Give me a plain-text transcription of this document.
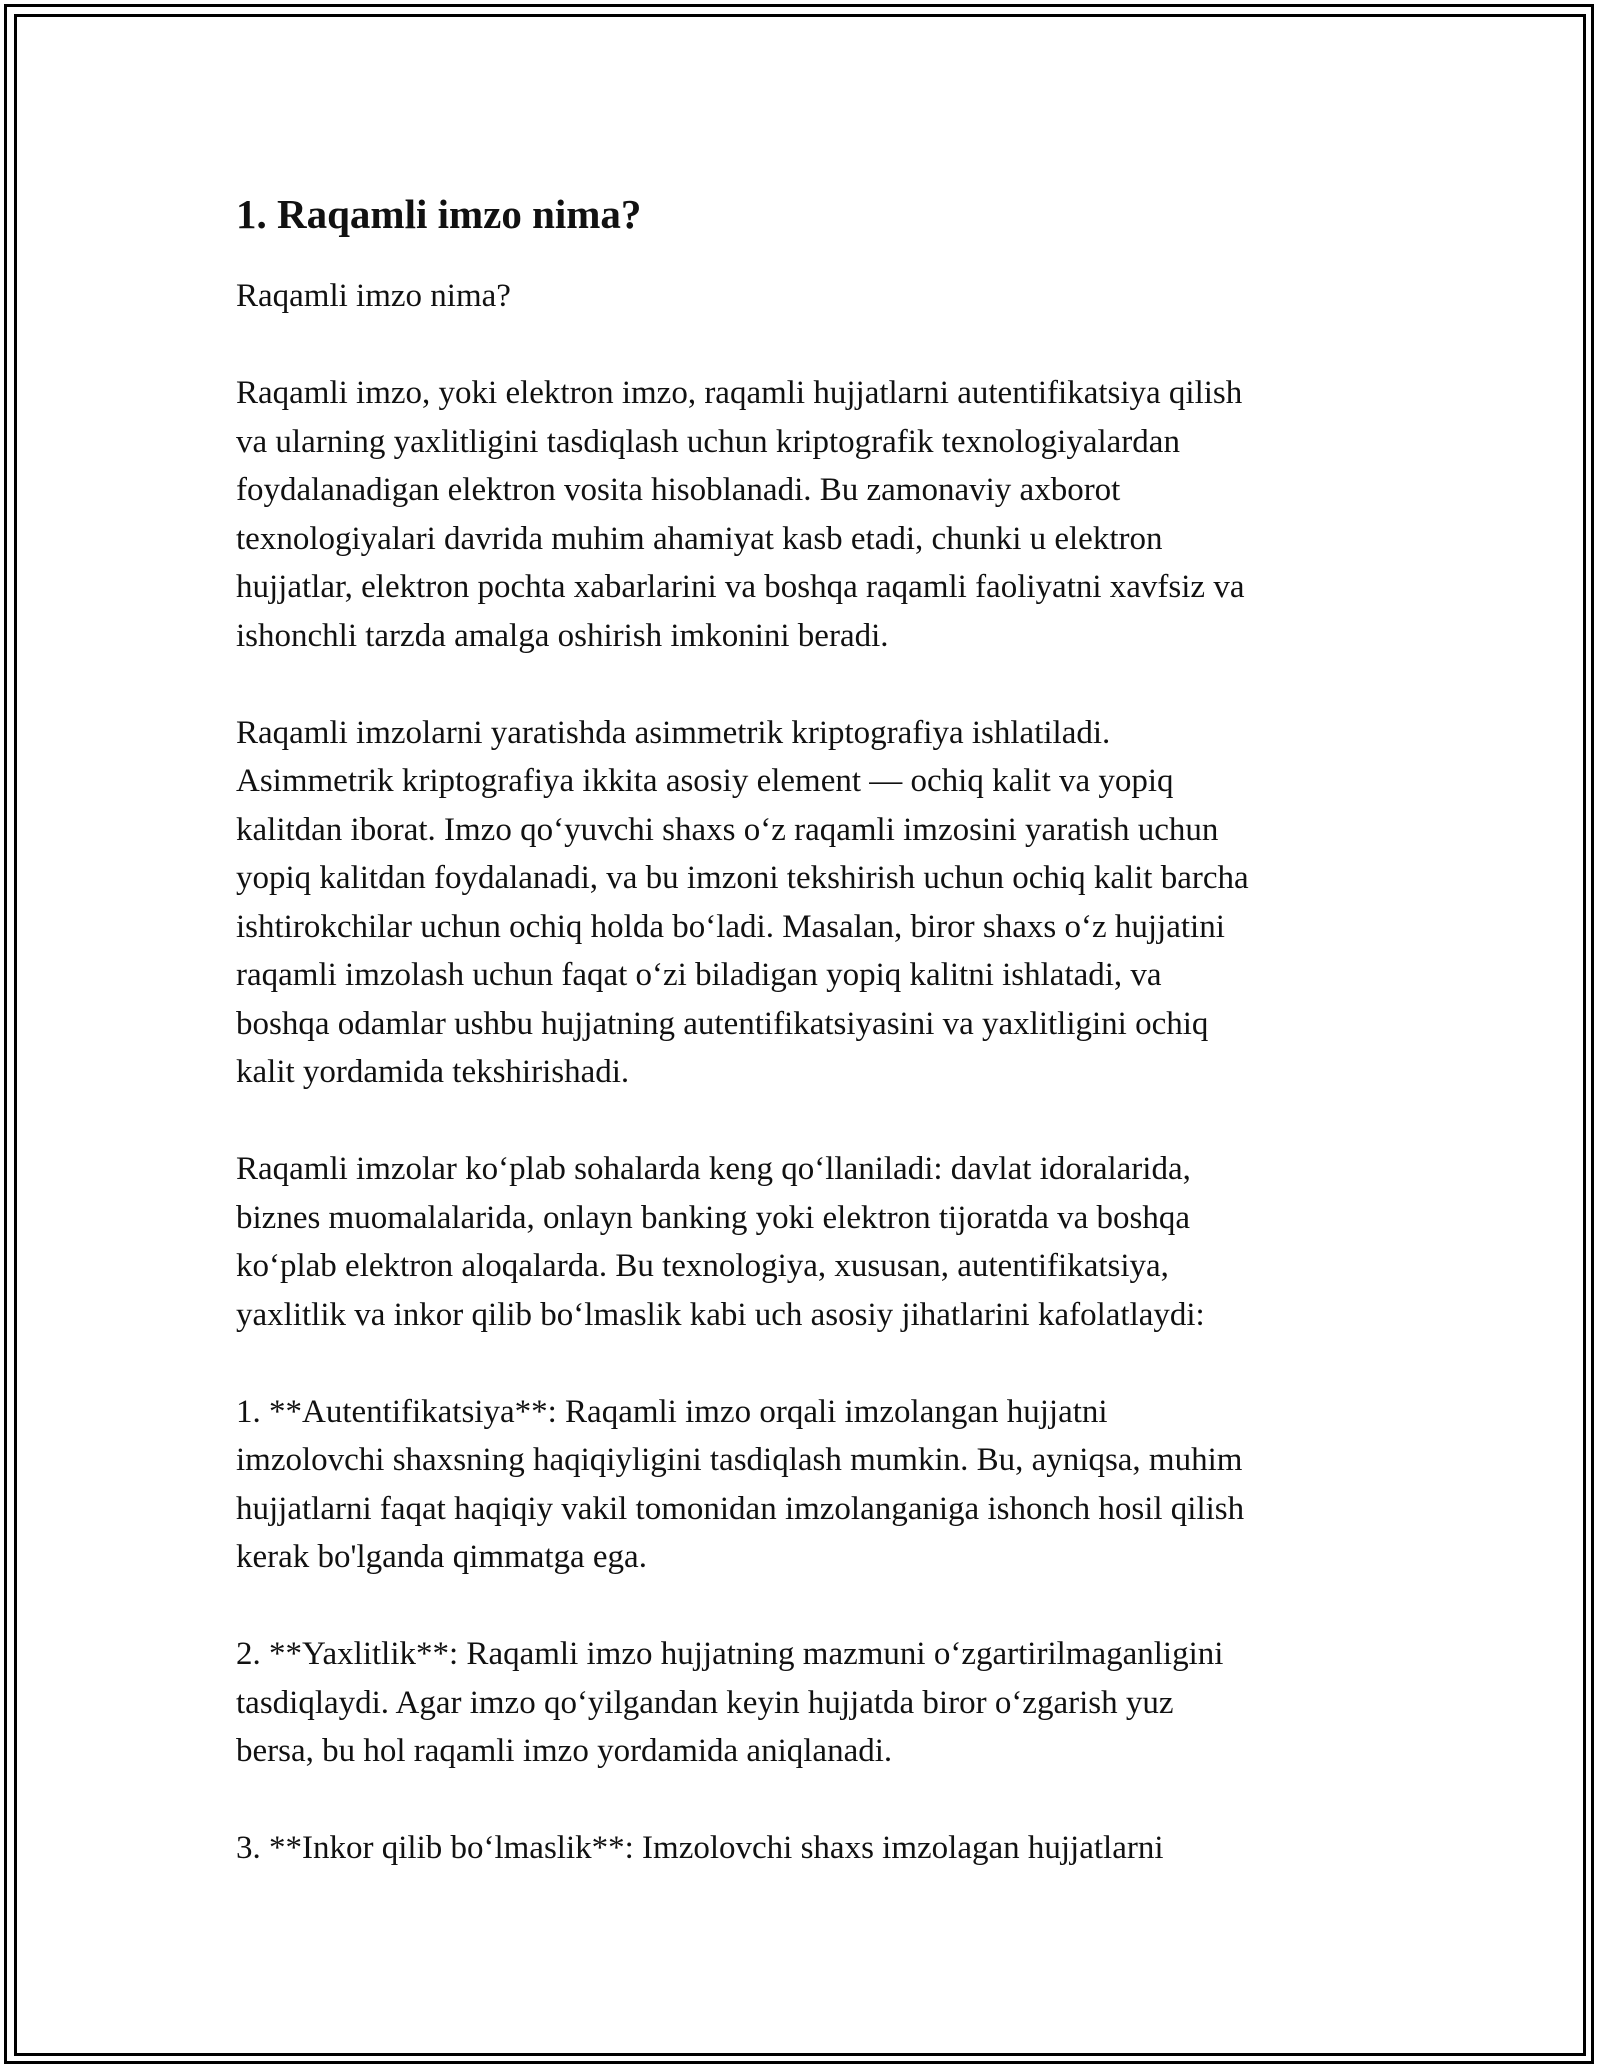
1. Raqamli imzo nima?

Raqamli imzo nima?

Raqamli imzo, yoki elektron imzo, raqamli hujjatlarni autentifikatsiya qilish
va ularning yaxlitligini tasdiqlash uchun kriptografik texnologiyalardan
foydalanadigan elektron vosita hisoblanadi. Bu zamonaviy axborot
texnologiyalari davrida muhim ahamiyat kasb etadi, chunki u elektron
hujjatlar, elektron pochta xabarlarini va boshqa raqamli faoliyatni xavfsiz va
ishonchli tarzda amalga oshirish imkonini beradi.

Raqamli imzolarni yaratishda asimmetrik kriptografiya ishlatiladi.
Asimmetrik kriptografiya ikkita asosiy element — ochiq kalit va yopiq
kalitdan iborat. Imzo qo‘yuvchi shaxs o‘z raqamli imzosini yaratish uchun
yopiq kalitdan foydalanadi, va bu imzoni tekshirish uchun ochiq kalit barcha
ishtirokchilar uchun ochiq holda bo‘ladi. Masalan, biror shaxs o‘z hujjatini
raqamli imzolash uchun faqat o‘zi biladigan yopiq kalitni ishlatadi, va
boshqa odamlar ushbu hujjatning autentifikatsiyasini va yaxlitligini ochiq
kalit yordamida tekshirishadi.

Raqamli imzolar ko‘plab sohalarda keng qo‘llaniladi: davlat idoralarida,
biznes muomalalarida, onlayn banking yoki elektron tijoratda va boshqa
ko‘plab elektron aloqalarda. Bu texnologiya, xususan, autentifikatsiya,
yaxlitlik va inkor qilib bo‘lmaslik kabi uch asosiy jihatlarini kafolatlaydi:

1. **Autentifikatsiya**: Raqamli imzo orqali imzolangan hujjatni
imzolovchi shaxsning haqiqiyligini tasdiqlash mumkin. Bu, ayniqsa, muhim
hujjatlarni faqat haqiqiy vakil tomonidan imzolanganiga ishonch hosil qilish
kerak bo'lganda qimmatga ega.

2. **Yaxlitlik**: Raqamli imzo hujjatning mazmuni o‘zgartirilmaganligini
tasdiqlaydi. Agar imzo qo‘yilgandan keyin hujjatda biror o‘zgarish yuz
bersa, bu hol raqamli imzo yordamida aniqlanadi.

3. **Inkor qilib bo‘lmaslik**: Imzolovchi shaxs imzolagan hujjatlarni
